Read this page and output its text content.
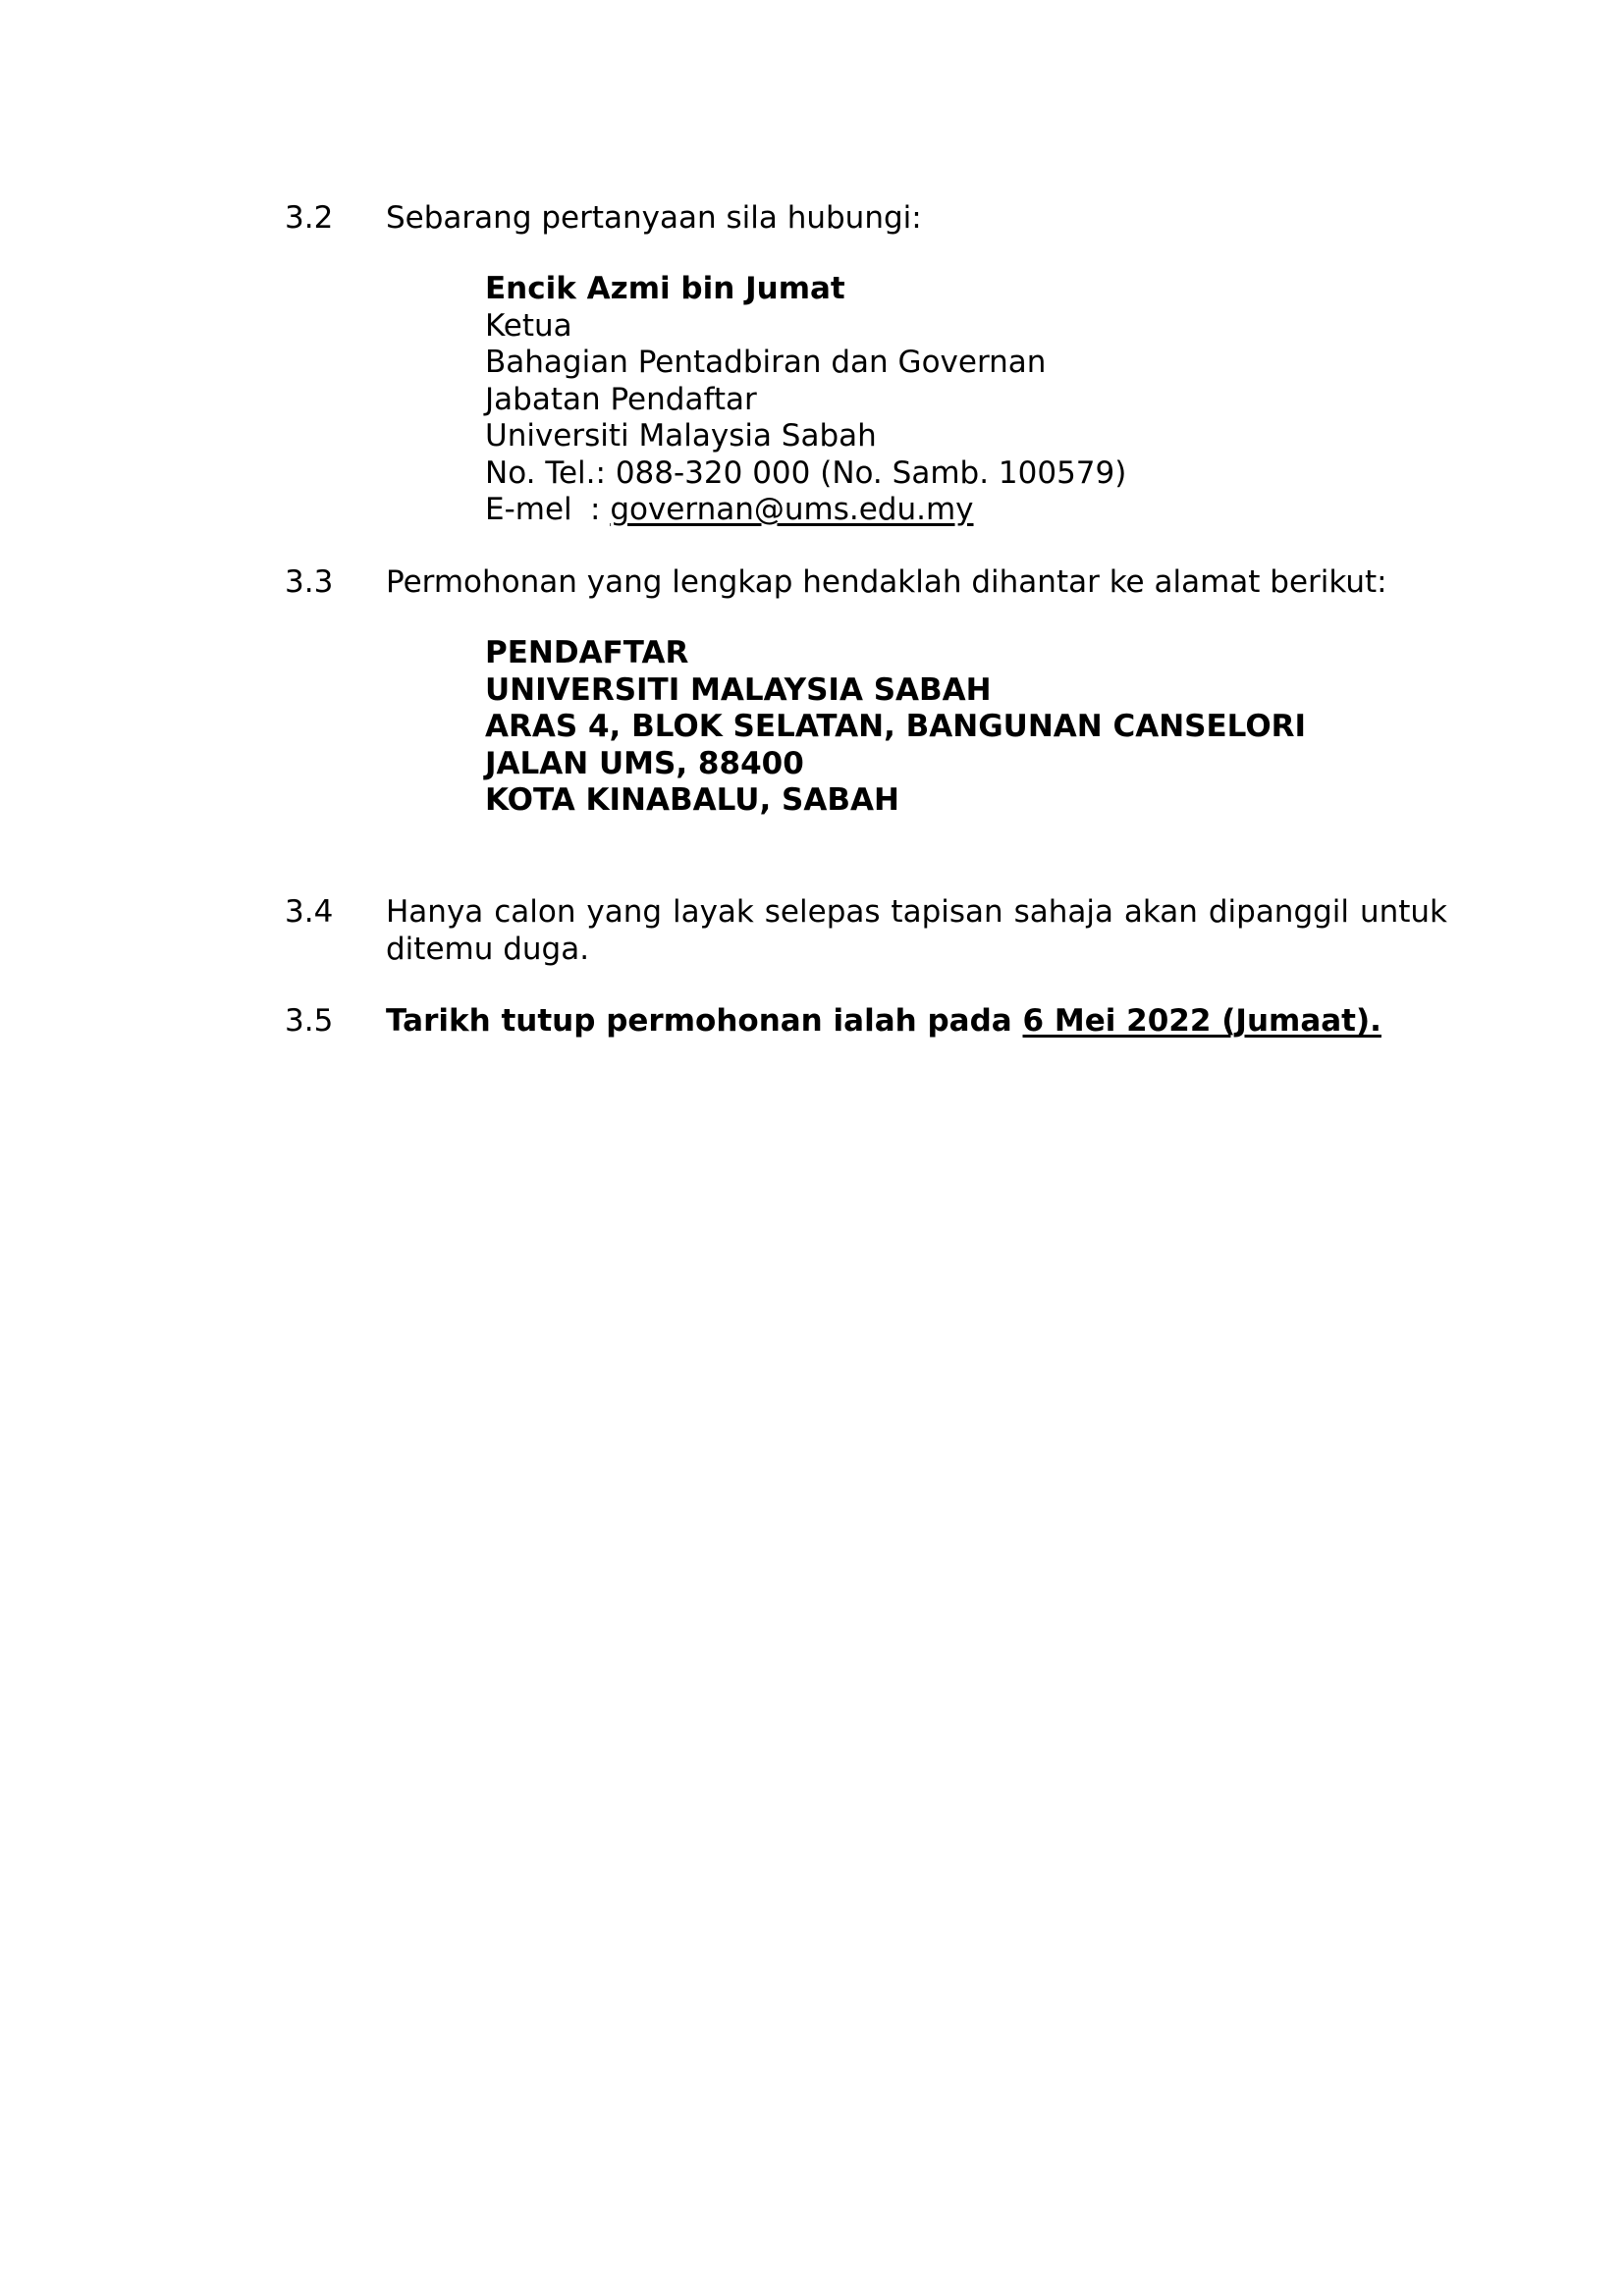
3.2 Sebarang pertanyaan sila hubungi:
Encik Azmi bin Jumat
Ketua
Bahagian Pentadbiran dan Governan
Jabatan Pendaftar
Universiti Malaysia Sabah
No. Tel.: 088-320 000 (No. Samb. 100579)
E-mel : governan@ums.edu.my
3.3 Permohonan yang lengkap hendaklah dihantar ke alamat berikut:
PENDAFTAR
UNIVERSITI MALAYSIA SABAH
ARAS 4, BLOK SELATAN, BANGUNAN CANSELORI
JALAN UMS, 88400
KOTA KINABALU, SABAH
3.4 Hanya calon yang layak selepas tapisan sahaja akan dipanggil untuk ditemu duga.
3.5 Tarikh tutup permohonan ialah pada 6 Mei 2022 (Jumaat).
